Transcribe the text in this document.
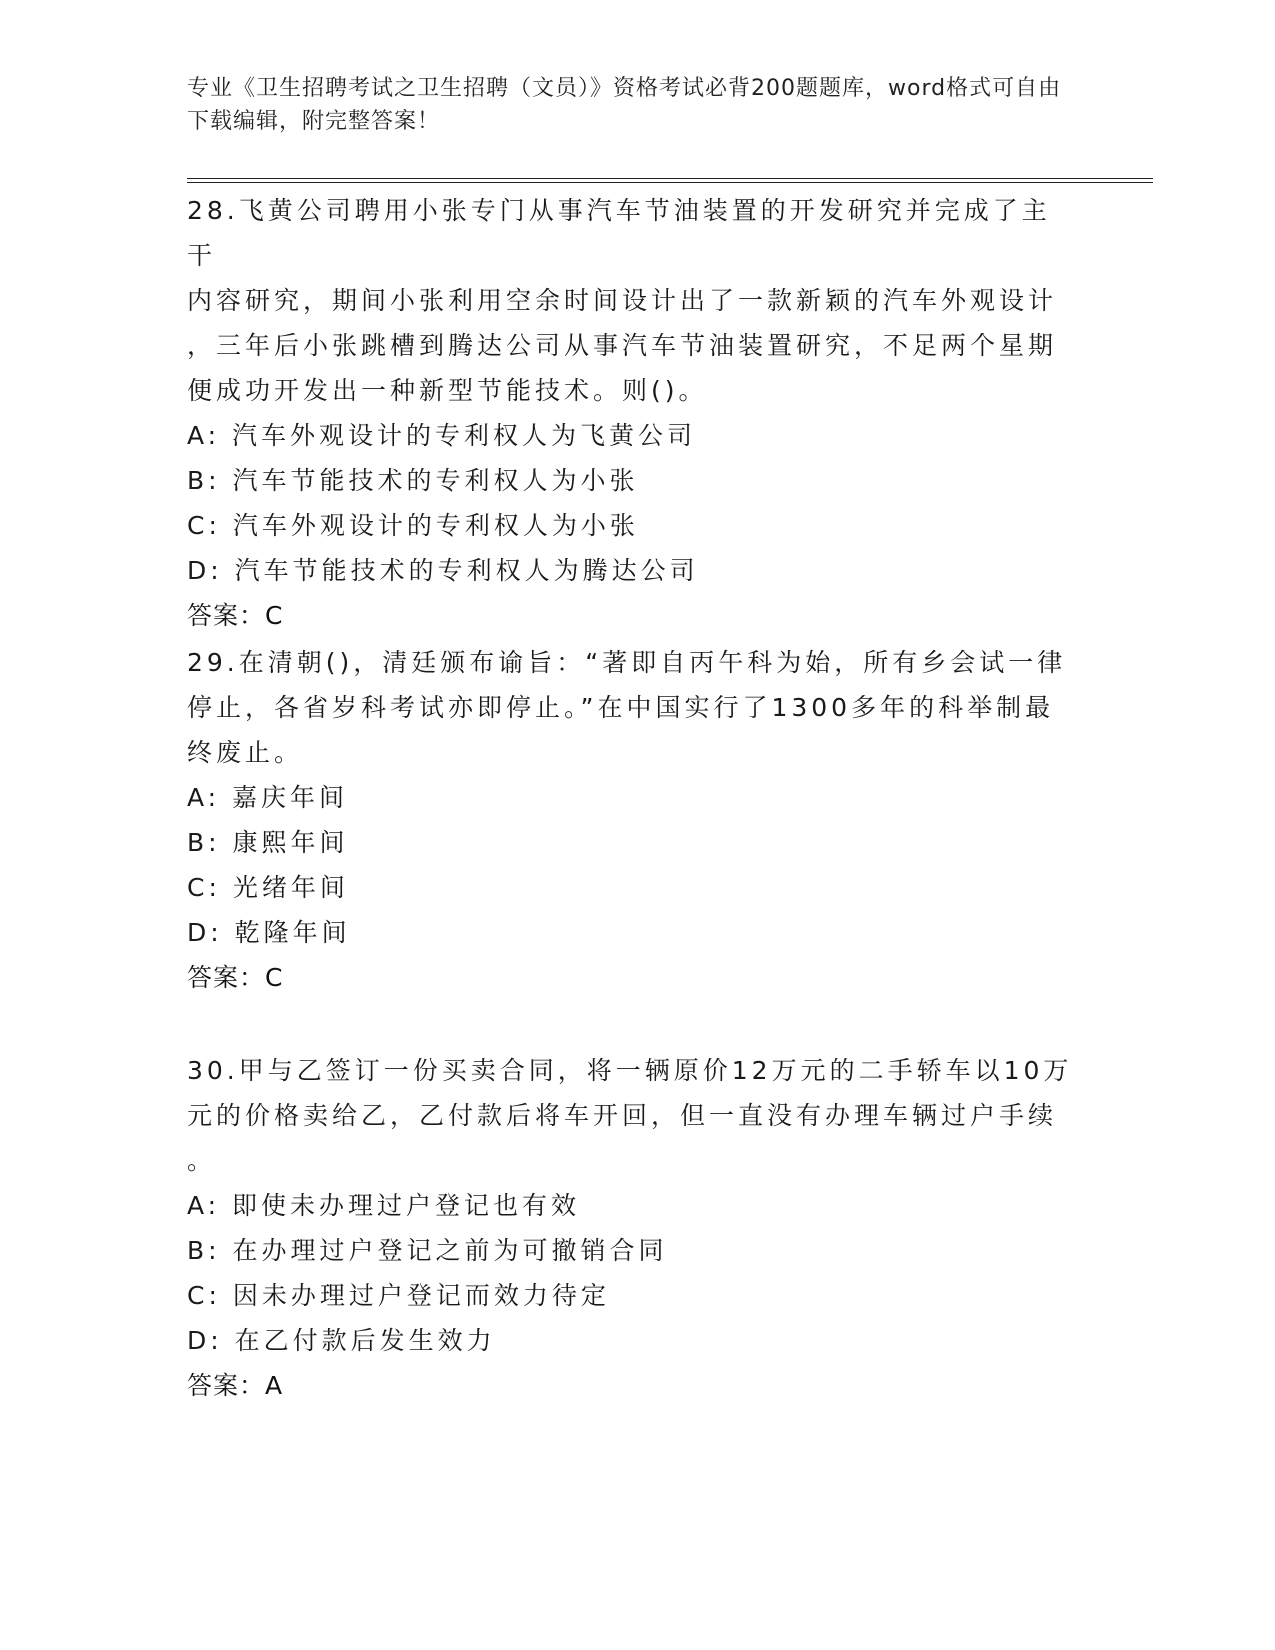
专业《卫生招聘考试之卫生招聘（文员）》资格考试必背200题题库，word格式可自由下载编辑，附完整答案！
28.飞黄公司聘用小张专门从事汽车节油装置的开发研究并完成了主干
内容研究，期间小张利用空余时间设计出了一款新颖的汽车外观设计
，三年后小张跳槽到腾达公司从事汽车节油装置研究，不足两个星期
便成功开发出一种新型节能技术。则()。
A: 汽车外观设计的专利权人为飞黄公司
B: 汽车节能技术的专利权人为小张
C: 汽车外观设计的专利权人为小张
D: 汽车节能技术的专利权人为腾达公司
答案：C
29.在清朝()，清廷颁布谕旨：“著即自丙午科为始，所有乡会试一律
停止，各省岁科考试亦即停止。”在中国实行了1300多年的科举制最
终废止。
A: 嘉庆年间
B: 康熙年间
C: 光绪年间
D: 乾隆年间
答案：C
30.甲与乙签订一份买卖合同，将一辆原价12万元的二手轿车以10万
元的价格卖给乙，乙付款后将车开回，但一直没有办理车辆过户手续
。
A: 即使未办理过户登记也有效
B: 在办理过户登记之前为可撤销合同
C: 因未办理过户登记而效力待定
D: 在乙付款后发生效力
答案：A
